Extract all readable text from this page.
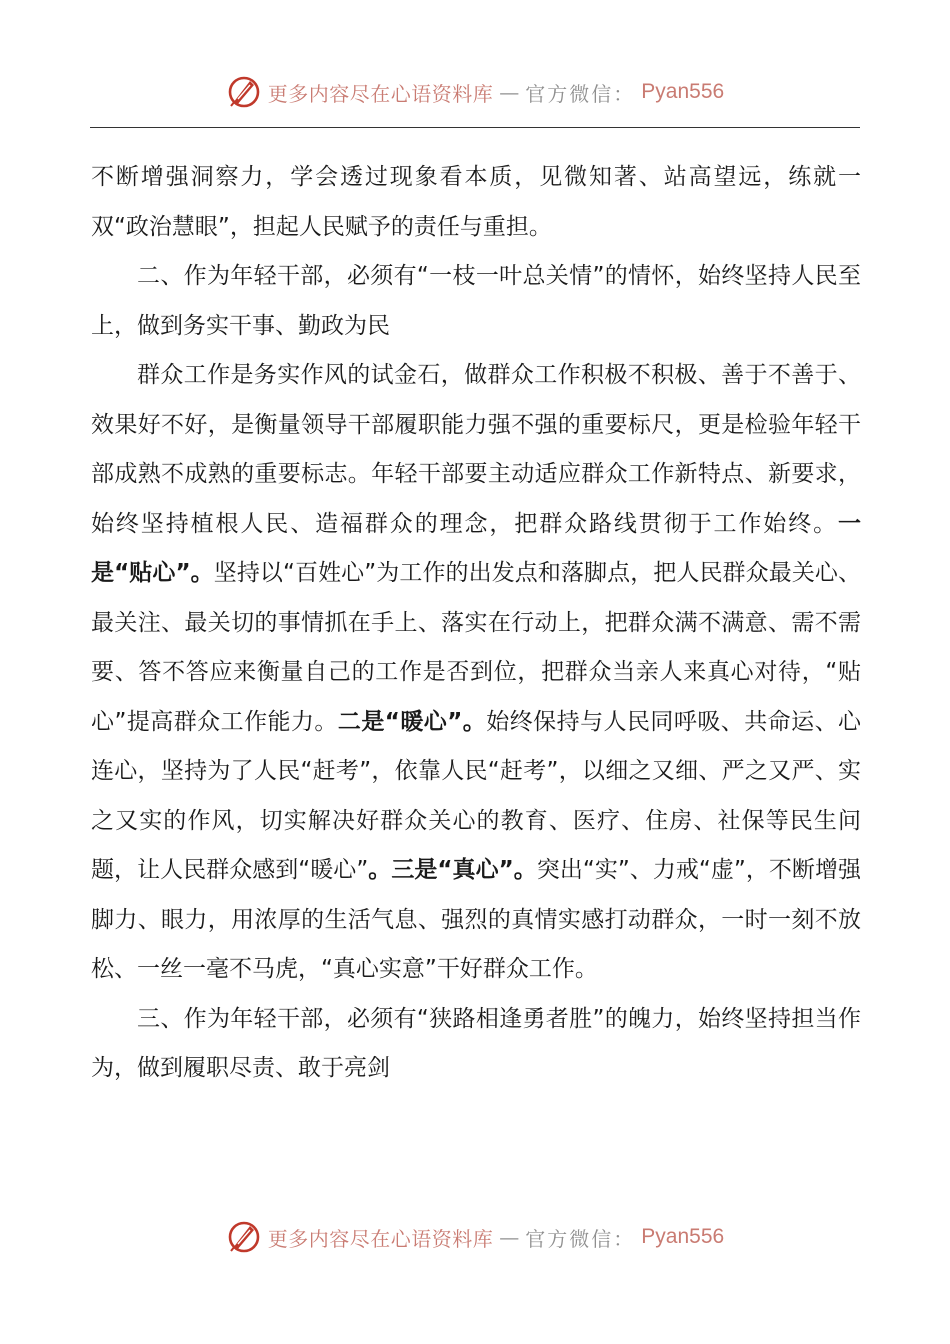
更多内容尽在心语资料库 — 官方微信： Pyan556

不断增强洞察力，学会透过现象看本质，见微知著、站高望远，练就一双“政治慧眼”，担起人民赋予的责任与重担。

二、作为年轻干部，必须有“一枝一叶总关情”的情怀，始终坚持人民至上，做到务实干事、勤政为民

群众工作是务实作风的试金石，做群众工作积极不积极、善于不善于、效果好不好，是衡量领导干部履职能力强不强的重要标尺，更是检验年轻干部成熟不成熟的重要标志。年轻干部要主动适应群众工作新特点、新要求，始终坚持植根人民、造福群众的理念，把群众路线贯彻于工作始终。一是“贴心”。坚持以“百姓心”为工作的出发点和落脚点，把人民群众最关心、最关注、最关切的事情抓在手上、落实在行动上，把群众满不满意、需不需要、答不答应来衡量自己的工作是否到位，把群众当亲人来真心对待，“贴心”提高群众工作能力。二是“暖心”。始终保持与人民同呼吸、共命运、心连心，坚持为了人民“赶考”，依靠人民“赶考”，以细之又细、严之又严、实之又实的作风，切实解决好群众关心的教育、医疗、住房、社保等民生问题，让人民群众感到“暖心”。三是“真心”。突出“实”、力戒“虚”，不断增强脚力、眼力，用浓厚的生活气息、强烈的真情实感打动群众，一时一刻不放松、一丝一毫不马虎，“真心实意”干好群众工作。

三、作为年轻干部，必须有“狭路相逢勇者胜”的魄力，始终坚持担当作为，做到履职尽责、敢于亮剑

更多内容尽在心语资料库 — 官方微信： Pyan556
